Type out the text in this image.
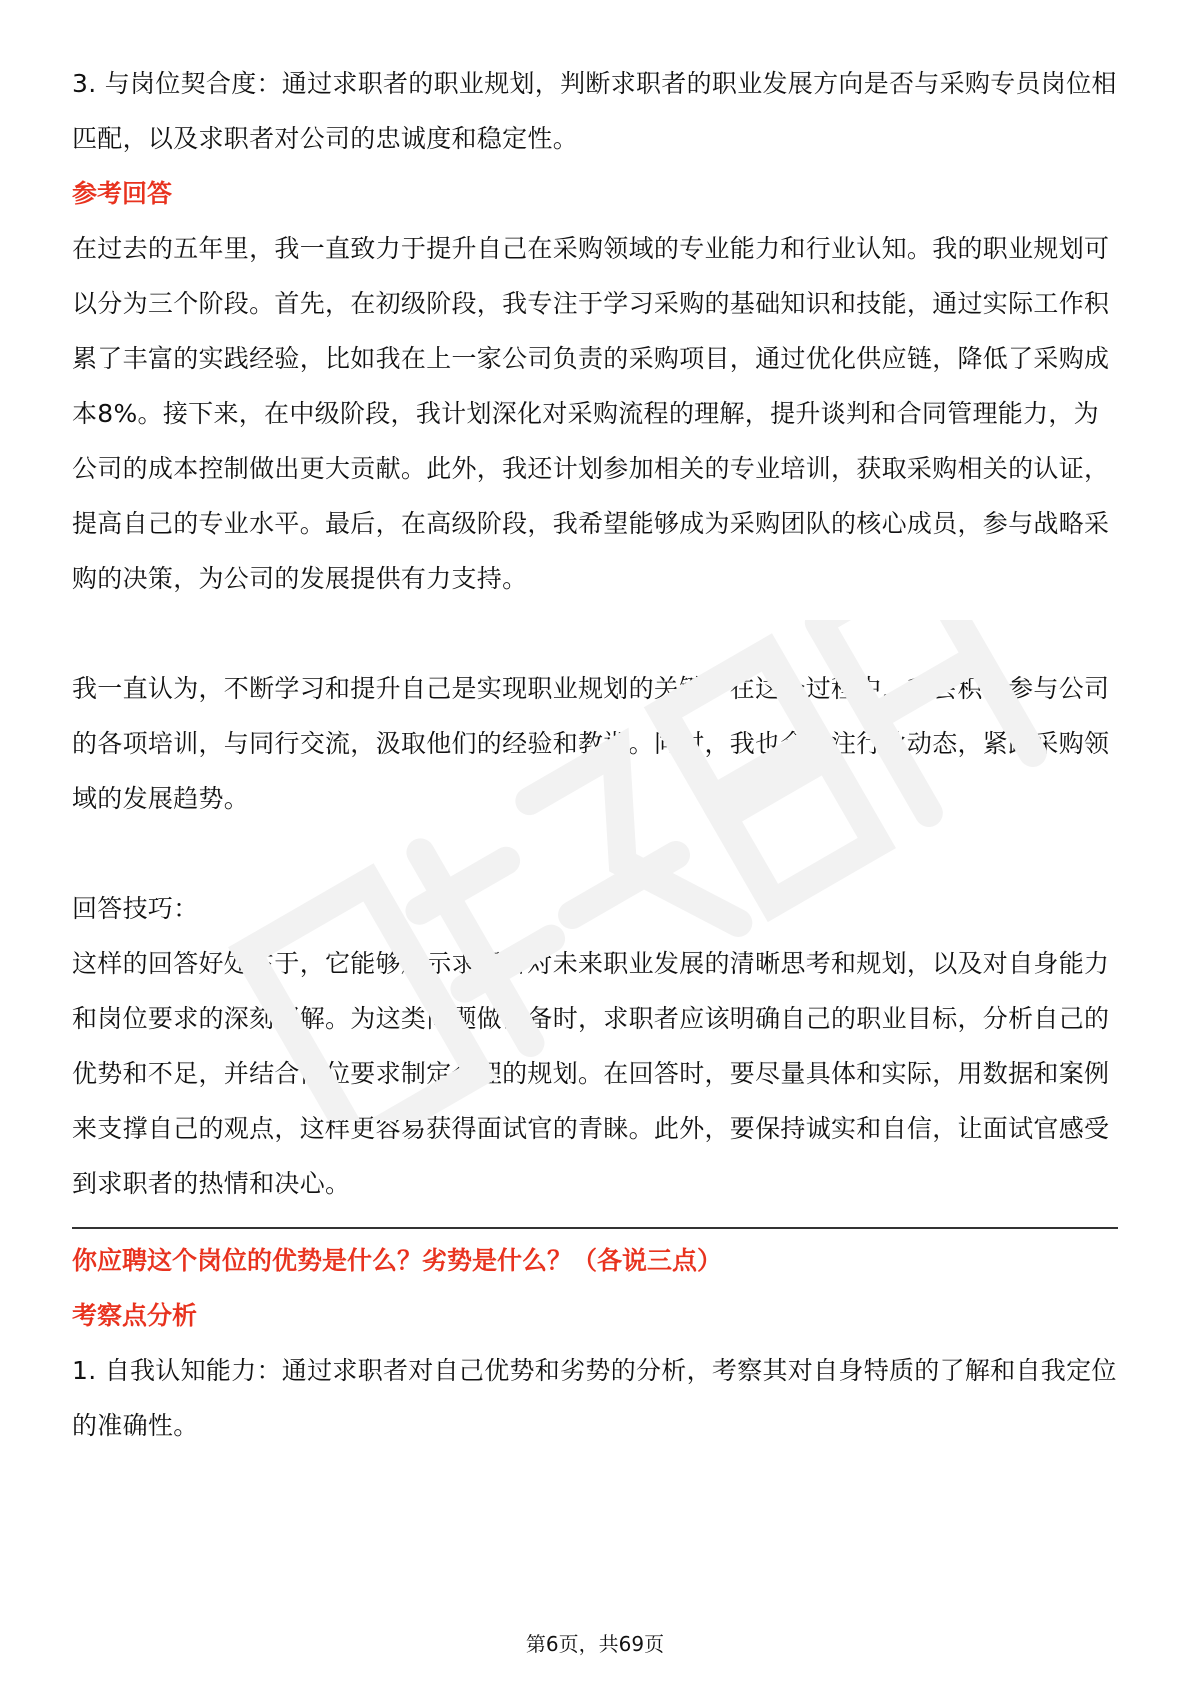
3. 与岗位契合度：通过求职者的职业规划，判断求职者的职业发展方向是否与采购专员岗位相匹配，以及求职者对公司的忠诚度和稳定性。

参考回答

在过去的五年里，我一直致力于提升自己在采购领域的专业能力和行业认知。我的职业规划可以分为三个阶段。首先，在初级阶段，我专注于学习采购的基础知识和技能，通过实际工作积累了丰富的实践经验，比如我在上一家公司负责的采购项目，通过优化供应链，降低了采购成本8%。接下来，在中级阶段，我计划深化对采购流程的理解，提升谈判和合同管理能力，为公司的成本控制做出更大贡献。此外，我还计划参加相关的专业培训，获取采购相关的认证，提高自己的专业水平。最后，在高级阶段，我希望能够成为采购团队的核心成员，参与战略采购的决策，为公司的发展提供有力支持。

我一直认为，不断学习和提升自己是实现职业规划的关键。在这个过程中，我会积极参与公司的各项培训，与同行交流，汲取他们的经验和教训。同时，我也会关注行业动态，紧跟采购领域的发展趋势。

回答技巧：

这样的回答好处在于，它能够展示求职者对未来职业发展的清晰思考和规划，以及对自身能力和岗位要求的深刻理解。为这类问题做准备时，求职者应该明确自己的职业目标，分析自己的优势和不足，并结合岗位要求制定合理的规划。在回答时，要尽量具体和实际，用数据和案例来支撑自己的观点，这样更容易获得面试官的青睐。此外，要保持诚实和自信，让面试官感受到求职者的热情和决心。

你应聘这个岗位的优势是什么？劣势是什么？（各说三点）

考察点分析

1. 自我认知能力：通过求职者对自己优势和劣势的分析，考察其对自身特质的了解和自我定位的准确性。

第6页，共69页
